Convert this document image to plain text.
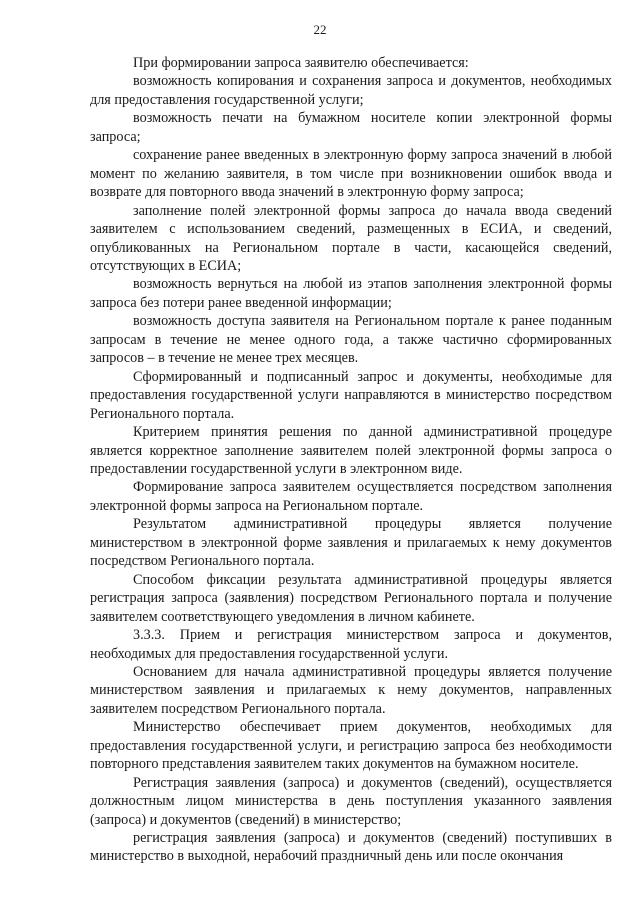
22

При формировании запроса заявителю обеспечивается:

возможность копирования и сохранения запроса и документов, необходимых для предоставления государственной услуги;

возможность печати на бумажном носителе копии электронной формы запроса;

сохранение ранее введенных в электронную форму запроса значений в любой момент по желанию заявителя, в том числе при возникновении ошибок ввода и возврате для повторного ввода значений в электронную форму запроса;

заполнение полей электронной формы запроса до начала ввода сведений заявителем с использованием сведений, размещенных в ЕСИА, и сведений, опубликованных на Региональном портале в части, касающейся сведений, отсутствующих в ЕСИА;

возможность вернуться на любой из этапов заполнения электронной формы запроса без потери ранее введенной информации;

возможность доступа заявителя на Региональном портале к ранее поданным запросам в течение не менее одного года, а также частично сформированных запросов – в течение не менее трех месяцев.

Сформированный и подписанный запрос и документы, необходимые для предоставления государственной услуги направляются в министерство посредством Регионального портала.

Критерием принятия решения по данной административной процедуре является корректное заполнение заявителем полей электронной формы запроса о предоставлении государственной услуги в электронном виде.

Формирование запроса заявителем осуществляется посредством заполнения электронной формы запроса на Региональном портале.

Результатом административной процедуры является получение министерством в электронной форме заявления и прилагаемых к нему документов посредством Регионального портала.

Способом фиксации результата административной процедуры является регистрация запроса (заявления) посредством Регионального портала и получение заявителем соответствующего уведомления в личном кабинете.

3.3.3. Прием и регистрация министерством запроса и документов, необходимых для предоставления государственной услуги.

Основанием для начала административной процедуры является получение министерством заявления и прилагаемых к нему документов, направленных заявителем посредством Регионального портала.

Министерство обеспечивает прием документов, необходимых для предоставления государственной услуги, и регистрацию запроса без необходимости повторного представления заявителем таких документов на бумажном носителе.

Регистрация заявления (запроса) и документов (сведений), осуществляется должностным лицом министерства в день поступления указанного заявления (запроса) и документов (сведений) в министерство;

регистрация заявления (запроса) и документов (сведений) поступивших в министерство в выходной, нерабочий праздничный день или после окончания
